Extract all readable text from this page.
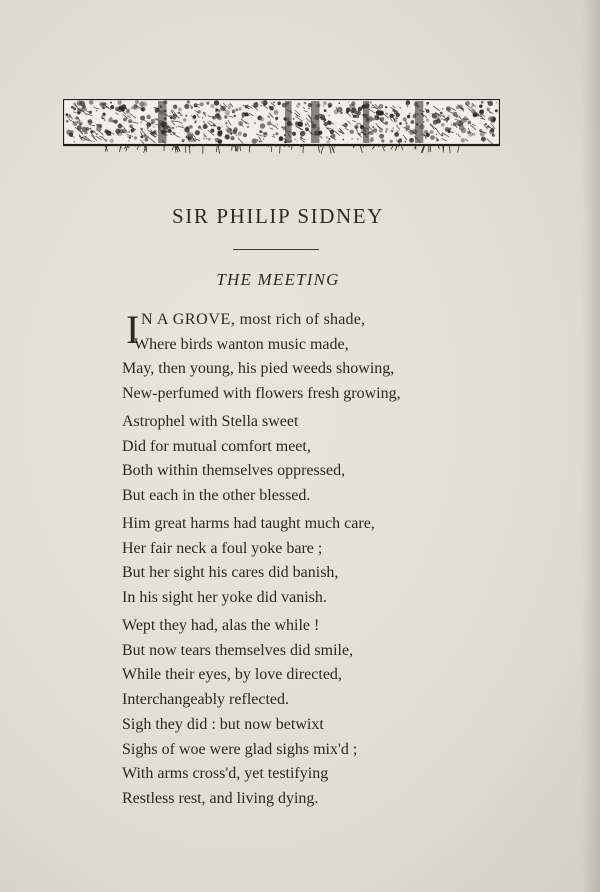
SIR PHILIP SIDNEY
THE MEETING
I N A GROVE, most rich of shade,
Where birds wanton music made,
May, then young, his pied weeds showing,
New-perfumed with flowers fresh growing,
Astrophel with Stella sweet
Did for mutual comfort meet,
Both within themselves oppressed,
But each in the other blessed.
Him great harms had taught much care,
Her fair neck a foul yoke bare ;
But her sight his cares did banish,
In his sight her yoke did vanish.
Wept they had, alas the while !
But now tears themselves did smile,
While their eyes, by love directed,
Interchangeably reflected.
Sigh they did : but now betwixt
Sighs of woe were glad sighs mix'd ;
With arms cross'd, yet testifying
Restless rest, and living dying.
